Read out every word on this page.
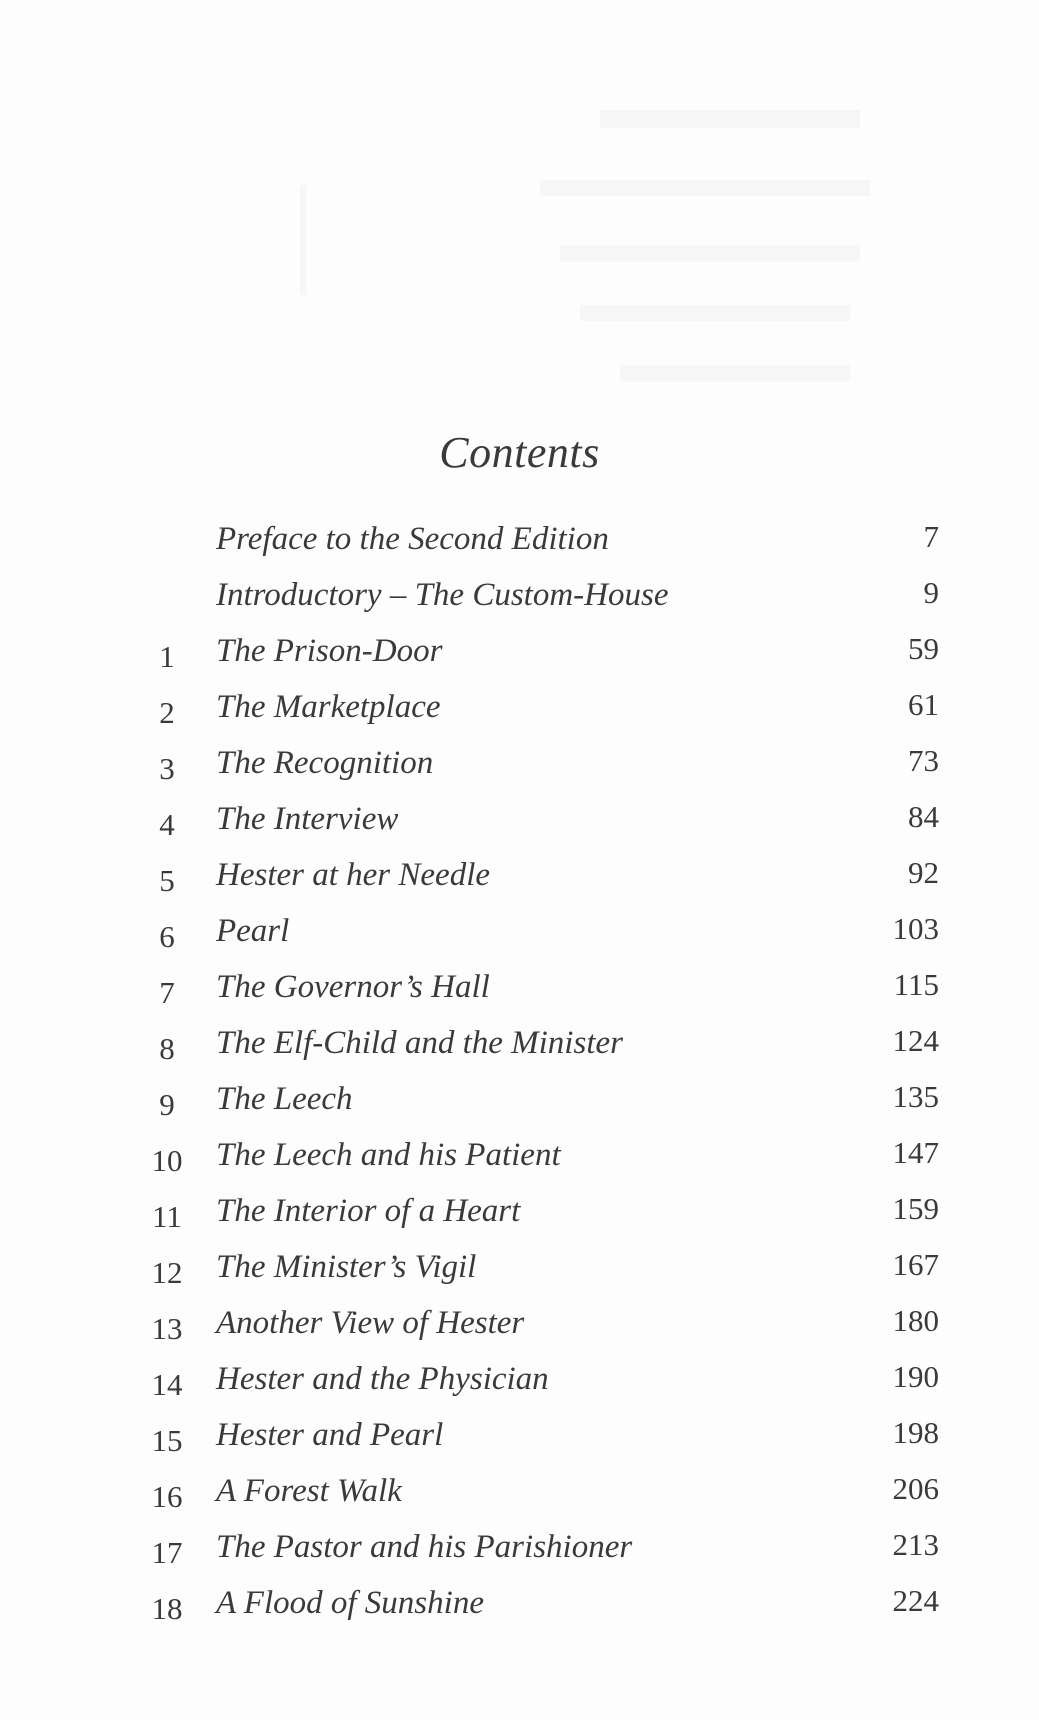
Contents
Preface to the Second Edition	7
Introductory – The Custom-House	9
1	The Prison-Door	59
2	The Marketplace	61
3	The Recognition	73
4	The Interview	84
5	Hester at her Needle	92
6	Pearl	103
7	The Governor’s Hall	115
8	The Elf-Child and the Minister	124
9	The Leech	135
10 The Leech and his Patient	147
11	The Interior of a Heart	159
12 The Minister’s Vigil	167
13 Another View of Hester	180
14 Hester and the Physician	190
15 Hester and Pearl	198
16 A Forest Walk	206
17 The Pastor and his Parishioner	213
18 A Flood of Sunshine	224
